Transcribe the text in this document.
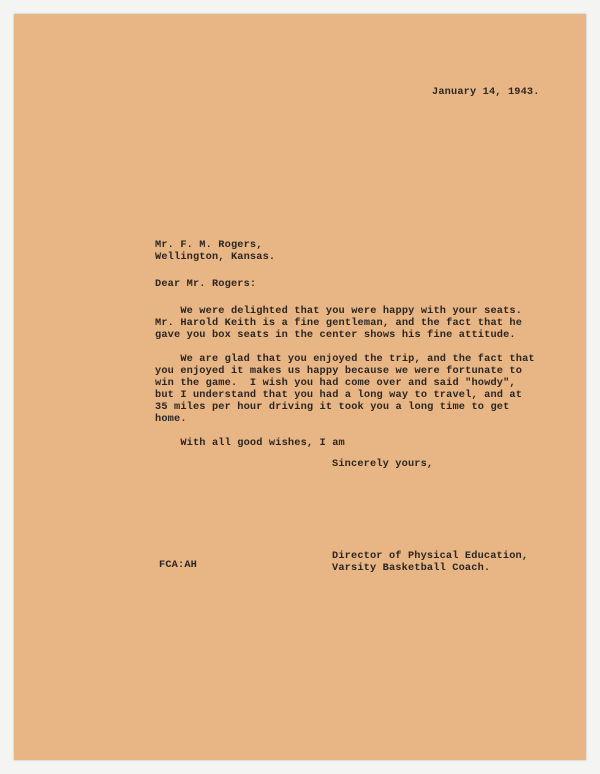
January 14, 1943.
Mr. F. M. Rogers,
Wellington, Kansas.
Dear Mr. Rogers:
We were delighted that you were happy with your seats.
Mr. Harold Keith is a fine gentleman, and the fact that he
gave you box seats in the center shows his fine attitude.
We are glad that you enjoyed the trip, and the fact that
you enjoyed it makes us happy because we were fortunate to
win the game.  I wish you had come over and said "howdy",
but I understand that you had a long way to travel, and at
35 miles per hour driving it took you a long time to get
home.
With all good wishes, I am
Sincerely yours,
Director of Physical Education,
Varsity Basketball Coach.
FCA:AH
